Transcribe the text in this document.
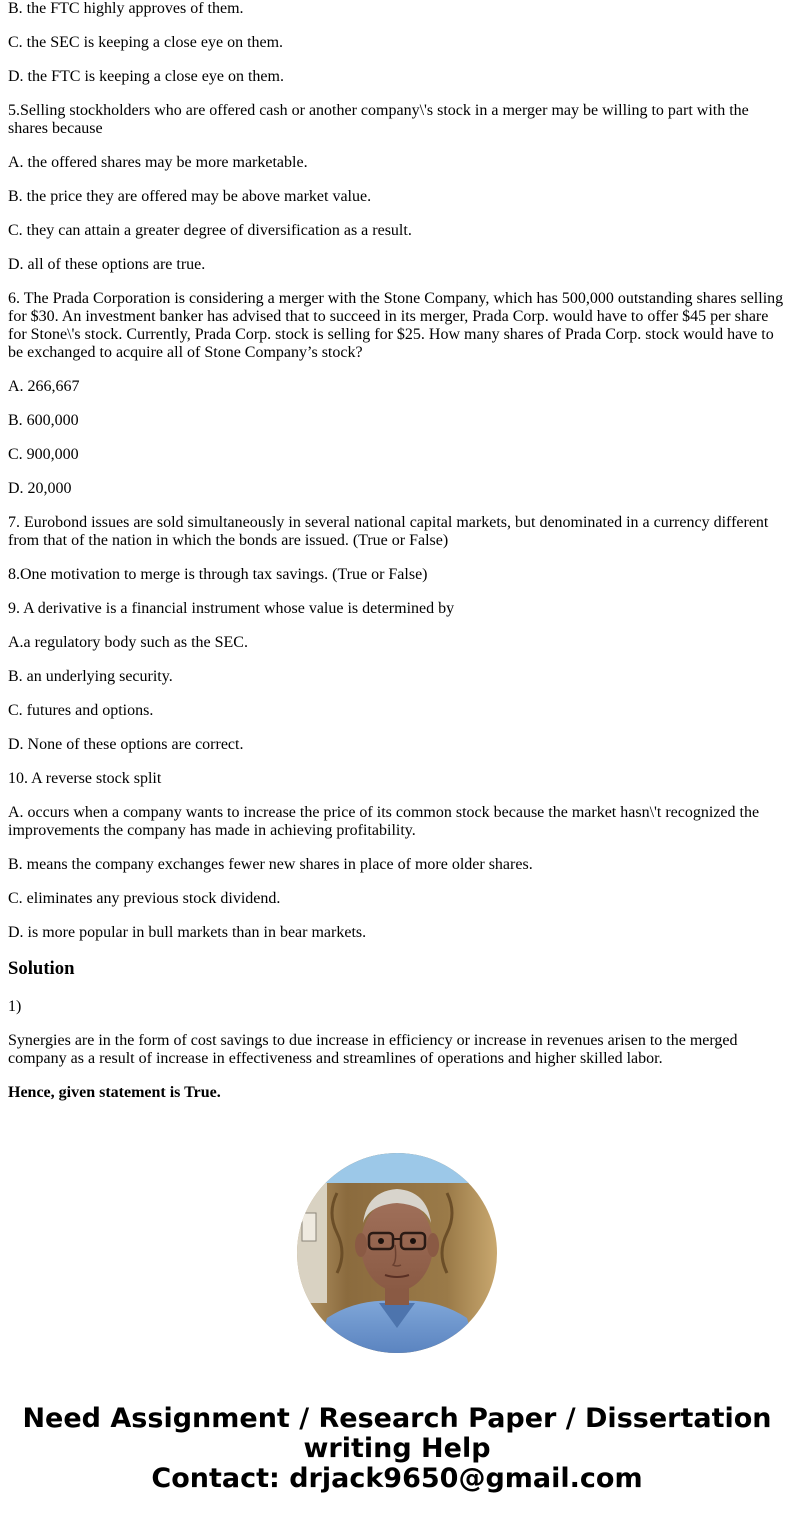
B. the FTC highly approves of them.

C. the SEC is keeping a close eye on them.

D. the FTC is keeping a close eye on them.

5.Selling stockholders who are offered cash or another company\'s stock in a merger may be willing to part with the shares because

A. the offered shares may be more marketable.

B. the price they are offered may be above market value.

C. they can attain a greater degree of diversification as a result.

D. all of these options are true.

6. The Prada Corporation is considering a merger with the Stone Company, which has 500,000 outstanding shares selling for $30. An investment banker has advised that to succeed in its merger, Prada Corp. would have to offer $45 per share for Stone\'s stock. Currently, Prada Corp. stock is selling for $25. How many shares of Prada Corp. stock would have to be exchanged to acquire all of Stone Company’s stock?

A. 266,667

B. 600,000

C. 900,000

D. 20,000

7. Eurobond issues are sold simultaneously in several national capital markets, but denominated in a currency different from that of the nation in which the bonds are issued. (True or False)

8.One motivation to merge is through tax savings. (True or False)

9. A derivative is a financial instrument whose value is determined by

A.a regulatory body such as the SEC.

B. an underlying security.

C. futures and options.

D. None of these options are correct.

10. A reverse stock split

A. occurs when a company wants to increase the price of its common stock because the market hasn\'t recognized the improvements the company has made in achieving profitability.

B. means the company exchanges fewer new shares in place of more older shares.

C. eliminates any previous stock dividend.

D. is more popular in bull markets than in bear markets.

Solution

1)

Synergies are in the form of cost savings to due increase in efficiency or increase in revenues arisen to the merged company as a result of increase in effectiveness and streamlines of operations and higher skilled labor.

Hence, given statement is True.

Need Assignment / Research Paper / Dissertation
writing Help
Contact: drjack9650@gmail.com
